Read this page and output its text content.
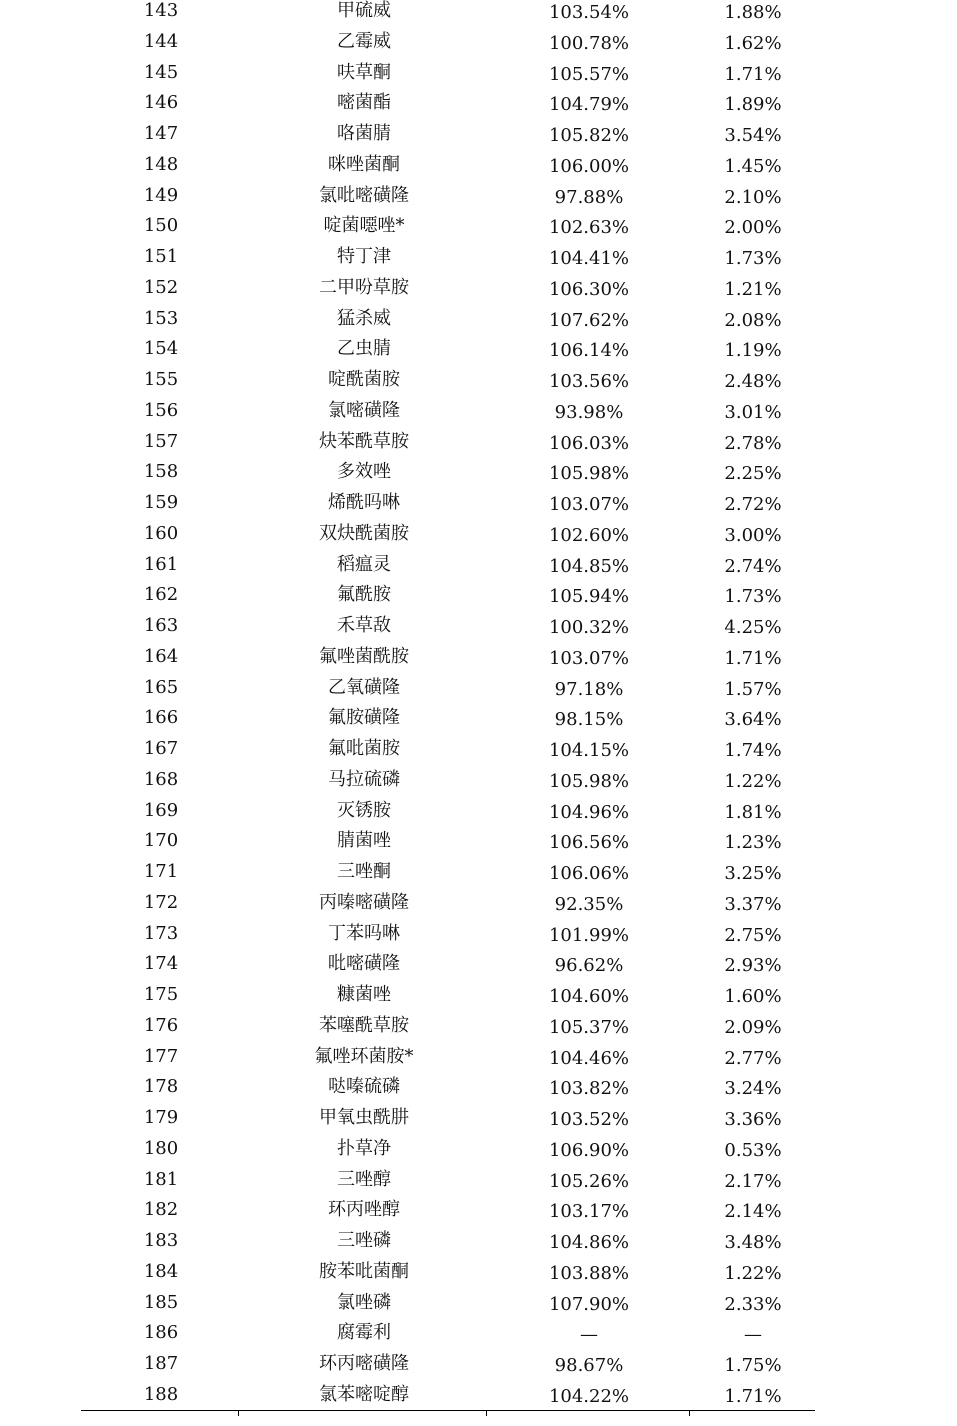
143	甲硫威	103.54%	1.88%
144	乙霉威	100.78%	1.62%
145	呋草酮	105.57%	1.71%
146	嘧菌酯	104.79%	1.89%
147	咯菌腈	105.82%	3.54%
148	咪唑菌酮	106.00%	1.45%
149	氯吡嘧磺隆	97.88%	2.10%
150	啶菌噁唑*	102.63%	2.00%
151	特丁津	104.41%	1.73%
152	二甲吩草胺	106.30%	1.21%
153	猛杀威	107.62%	2.08%
154	乙虫腈	106.14%	1.19%
155	啶酰菌胺	103.56%	2.48%
156	氯嘧磺隆	93.98%	3.01%
157	炔苯酰草胺	106.03%	2.78%
158	多效唑	105.98%	2.25%
159	烯酰吗啉	103.07%	2.72%
160	双炔酰菌胺	102.60%	3.00%
161	稻瘟灵	104.85%	2.74%
162	氟酰胺	105.94%	1.73%
163	禾草敌	100.32%	4.25%
164	氟唑菌酰胺	103.07%	1.71%
165	乙氧磺隆	97.18%	1.57%
166	氟胺磺隆	98.15%	3.64%
167	氟吡菌胺	104.15%	1.74%
168	马拉硫磷	105.98%	1.22%
169	灭锈胺	104.96%	1.81%
170	腈菌唑	106.56%	1.23%
171	三唑酮	106.06%	3.25%
172	丙嗪嘧磺隆	92.35%	3.37%
173	丁苯吗啉	101.99%	2.75%
174	吡嘧磺隆	96.62%	2.93%
175	糠菌唑	104.60%	1.60%
176	苯噻酰草胺	105.37%	2.09%
177	氟唑环菌胺*	104.46%	2.77%
178	哒嗪硫磷	103.82%	3.24%
179	甲氧虫酰肼	103.52%	3.36%
180	扑草净	106.90%	0.53%
181	三唑醇	105.26%	2.17%
182	环丙唑醇	103.17%	2.14%
183	三唑磷	104.86%	3.48%
184	胺苯吡菌酮	103.88%	1.22%
185	氯唑磷	107.90%	2.33%
186	腐霉利	—	—
187	环丙嘧磺隆	98.67%	1.75%
188	氯苯嘧啶醇	104.22%	1.71%
